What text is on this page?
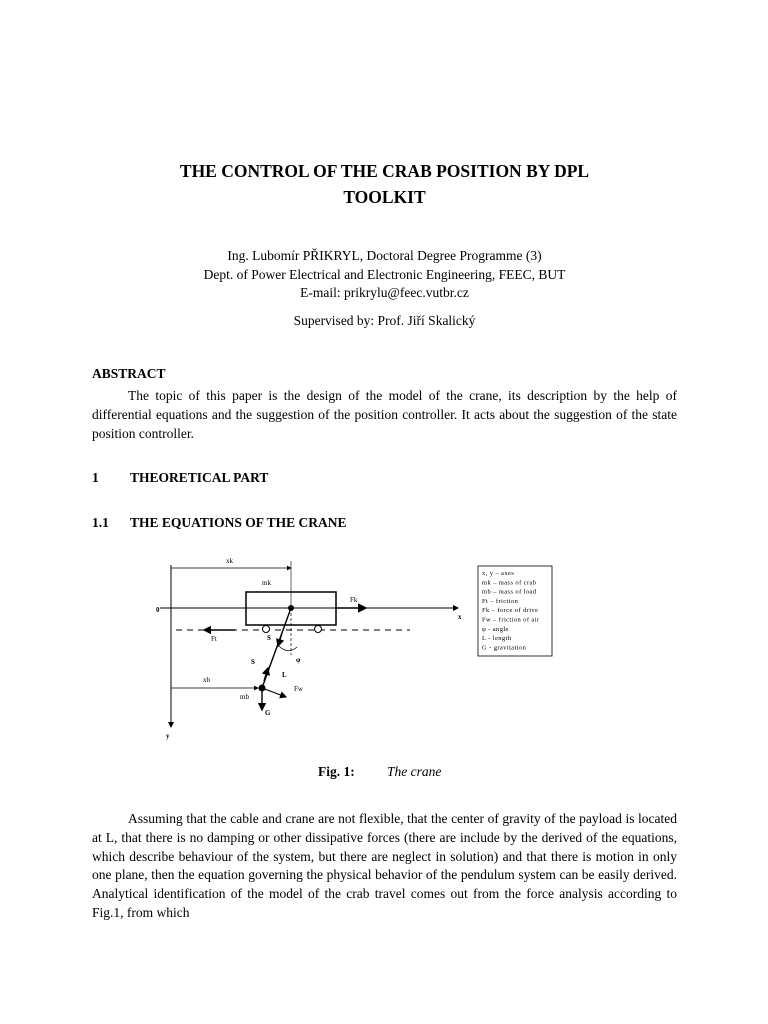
THE CONTROL OF THE CRAB POSITION BY DPL
TOOLKIT
Ing. Lubomír PŘIKRYL, Doctoral Degree Programme (3)
Dept. of Power Electrical and Electronic Engineering, FEEC, BUT
E-mail: prikrylu@feec.vutbr.cz
Supervised by: Prof. Jiří Skalický
ABSTRACT
The topic of this paper is the design of the model of the crane, its description by the help of differential equations and the suggestion of the position controller. It acts about the suggestion of the state position controller.
1 THEORETICAL PART
1.1 THE EQUATIONS OF THE CRANE
xk
mk
0
Fk
x
Ft	S
φ
S
L
xb
mb
Fw
G
y
x, y – axes
mk – mass of crab
mb – mass of load
Ft – friction
Fk – force of drive
Fw – friction of air
φ - angle
L - length
G - gravitation
Fig. 1: The crane
Assuming that the cable and crane are not flexible, that the center of gravity of the payload is located at L, that there is no damping or other dissipative forces (there are include by the derived of the equations, which describe behaviour of the system, but there are neglect in solution) and that there is motion in only one plane, then the equation governing the physical behavior of the pendulum system can be easily derived. Analytical identification of the model of the crab travel comes out from the force analysis according to Fig.1, from which
